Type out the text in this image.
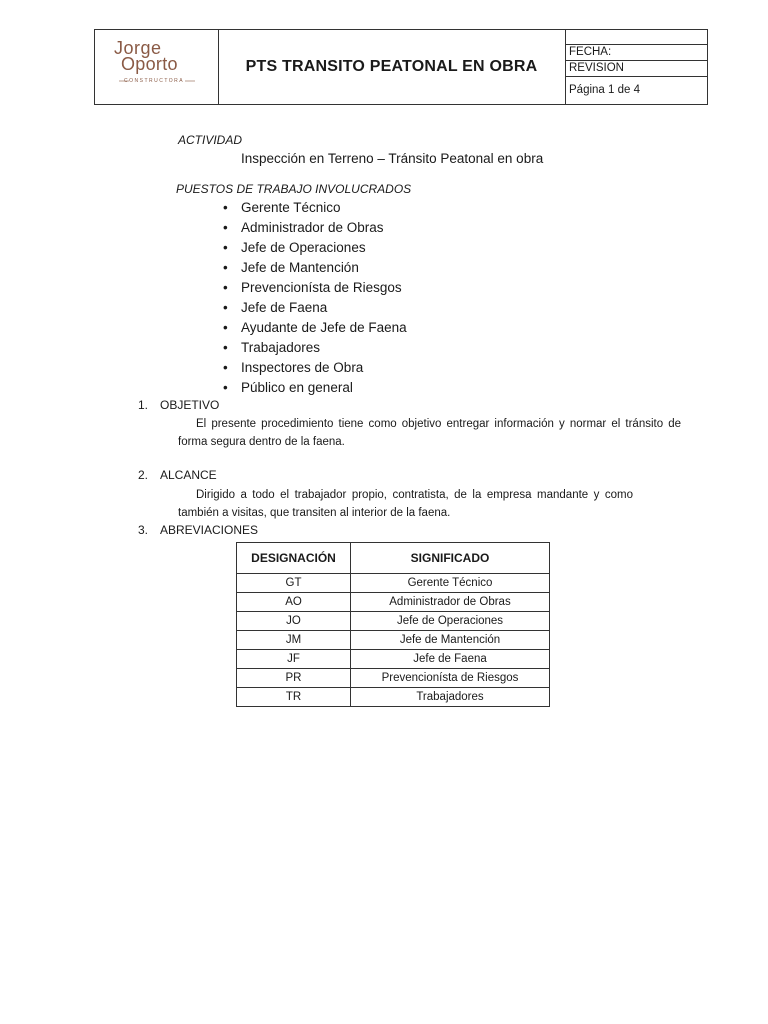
Jorge
Oporto
CONSTRUCTORA
PTS TRANSITO PEATONAL EN OBRA
FECHA:
REVISION
Página 1 de 4
ACTIVIDAD
Inspección en Terreno – Tránsito Peatonal en obra
PUESTOS DE TRABAJO INVOLUCRADOS
• Gerente Técnico
• Administrador de Obras
• Jefe de Operaciones
• Jefe de Mantención
• Prevencionísta de Riesgos
• Jefe de Faena
• Ayudante de Jefe de Faena
• Trabajadores
• Inspectores de Obra
• Público en general
1. OBJETIVO
El presente procedimiento tiene como objetivo entregar información y normar el tránsito de forma segura dentro de la faena.
2. ALCANCE
Dirigido a todo el trabajador propio, contratista, de la empresa mandante y como también a visitas, que transiten al interior de la faena.
3. ABREVIACIONES
DESIGNACIÓN	SIGNIFICADO
GT	Gerente Técnico
AO	Administrador de Obras
JO	Jefe de Operaciones
JM	Jefe de Mantención
JF	Jefe de Faena
PR	Prevencionísta de Riesgos
TR	Trabajadores
